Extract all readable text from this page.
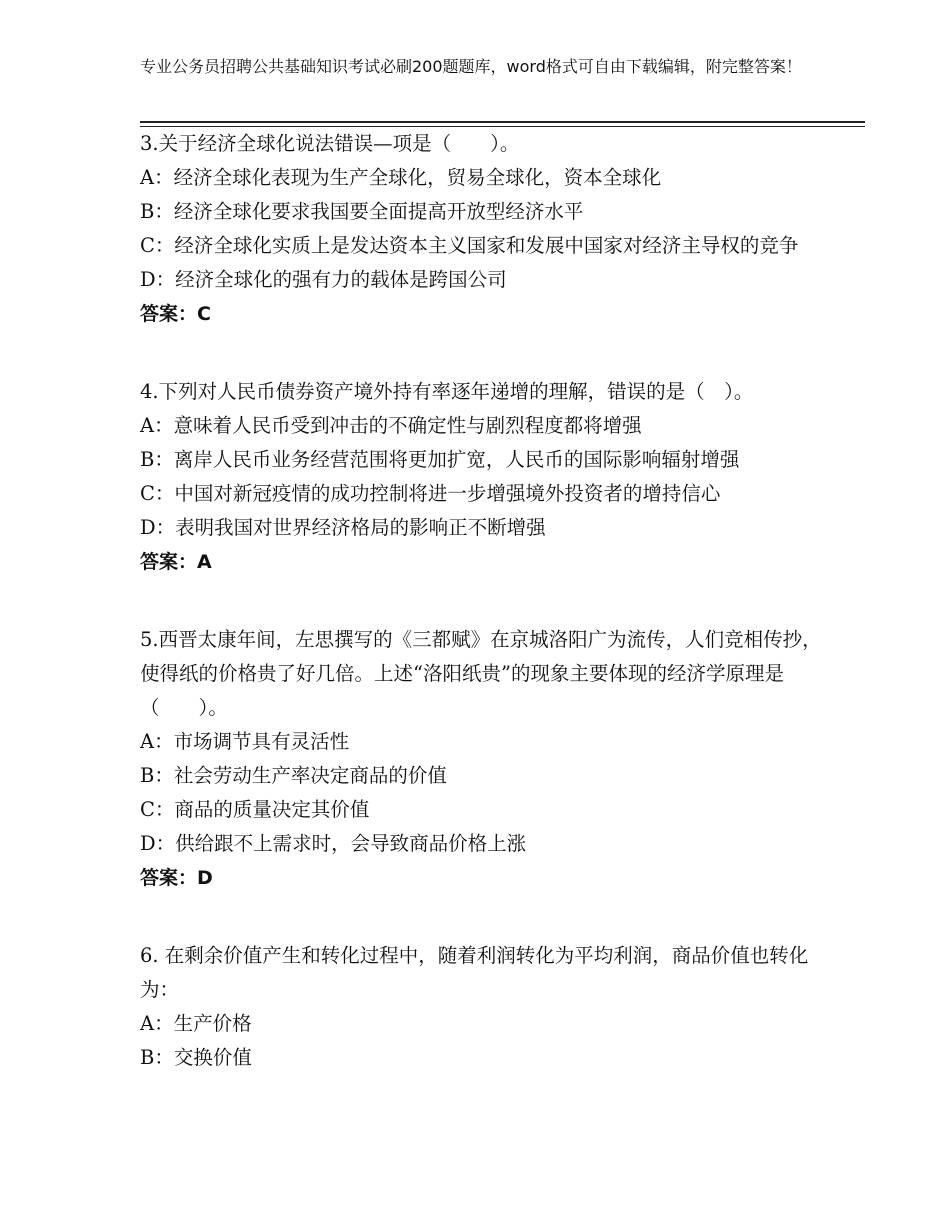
专业公务员招聘公共基础知识考试必刷200题题库，word格式可自由下载编辑，附完整答案！

3.关于经济全球化说法错误—项是（　　）。

A：经济全球化表现为生产全球化，贸易全球化，资本全球化

B：经济全球化要求我国要全面提高开放型经济水平

C：经济全球化实质上是发达资本主义国家和发展中国家对经济主导权的竞争

D：经济全球化的强有力的载体是跨国公司

答案：C

4.下列对人民币债券资产境外持有率逐年递增的理解，错误的是（　）。

A：意味着人民币受到冲击的不确定性与剧烈程度都将增强

B：离岸人民币业务经营范围将更加扩宽，人民币的国际影响辐射增强

C：中国对新冠疫情的成功控制将进一步增强境外投资者的增持信心

D：表明我国对世界经济格局的影响正不断增强

答案：A

5.西晋太康年间，左思撰写的《三都赋》在京城洛阳广为流传，人们竞相传抄，使得纸的价格贵了好几倍。上述“洛阳纸贵”的现象主要体现的经济学原理是（　　）。

A：市场调节具有灵活性

B：社会劳动生产率决定商品的价值

C：商品的质量决定其价值

D：供给跟不上需求时，会导致商品价格上涨

答案：D

6. 在剩余价值产生和转化过程中，随着利润转化为平均利润，商品价值也转化为：

A：生产价格

B：交换价值
